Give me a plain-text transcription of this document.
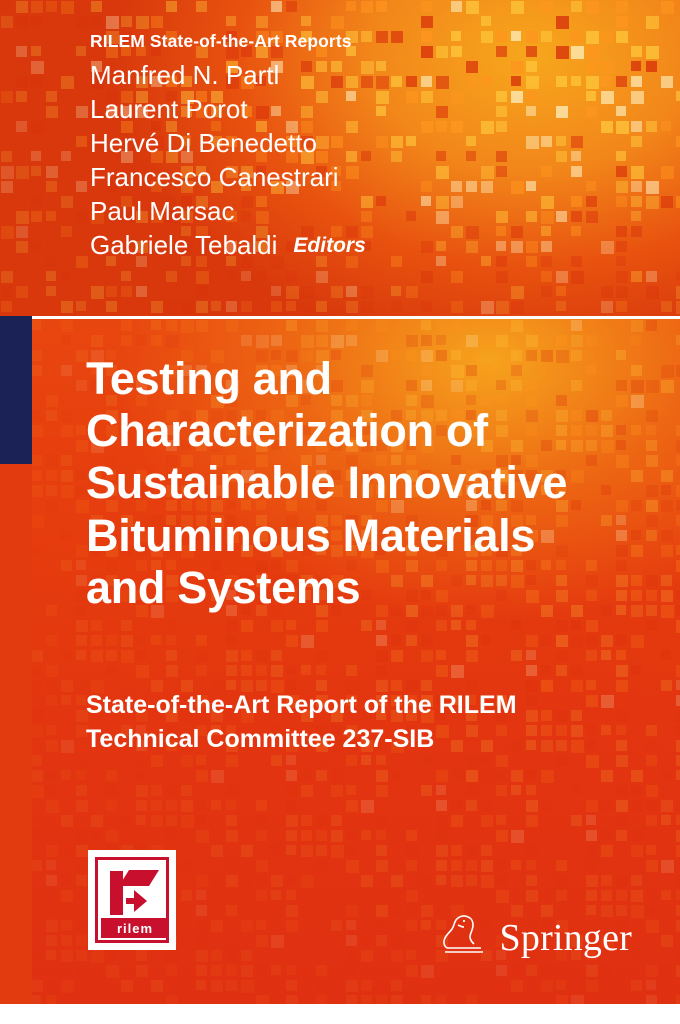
Testing and Characterization of Sustainable Innovative Bituminous Materials and Systems
State-of-the-Art Report of the RILEM Technical Committee 237-SIB
rilem	Springer
RILEM State-of-the-Art Reports
Manfred N. Partl
Laurent Porot
Hervé Di Benedetto
Francesco Canestrari
Paul Marsac
Gabriele Tebaldi Editors
